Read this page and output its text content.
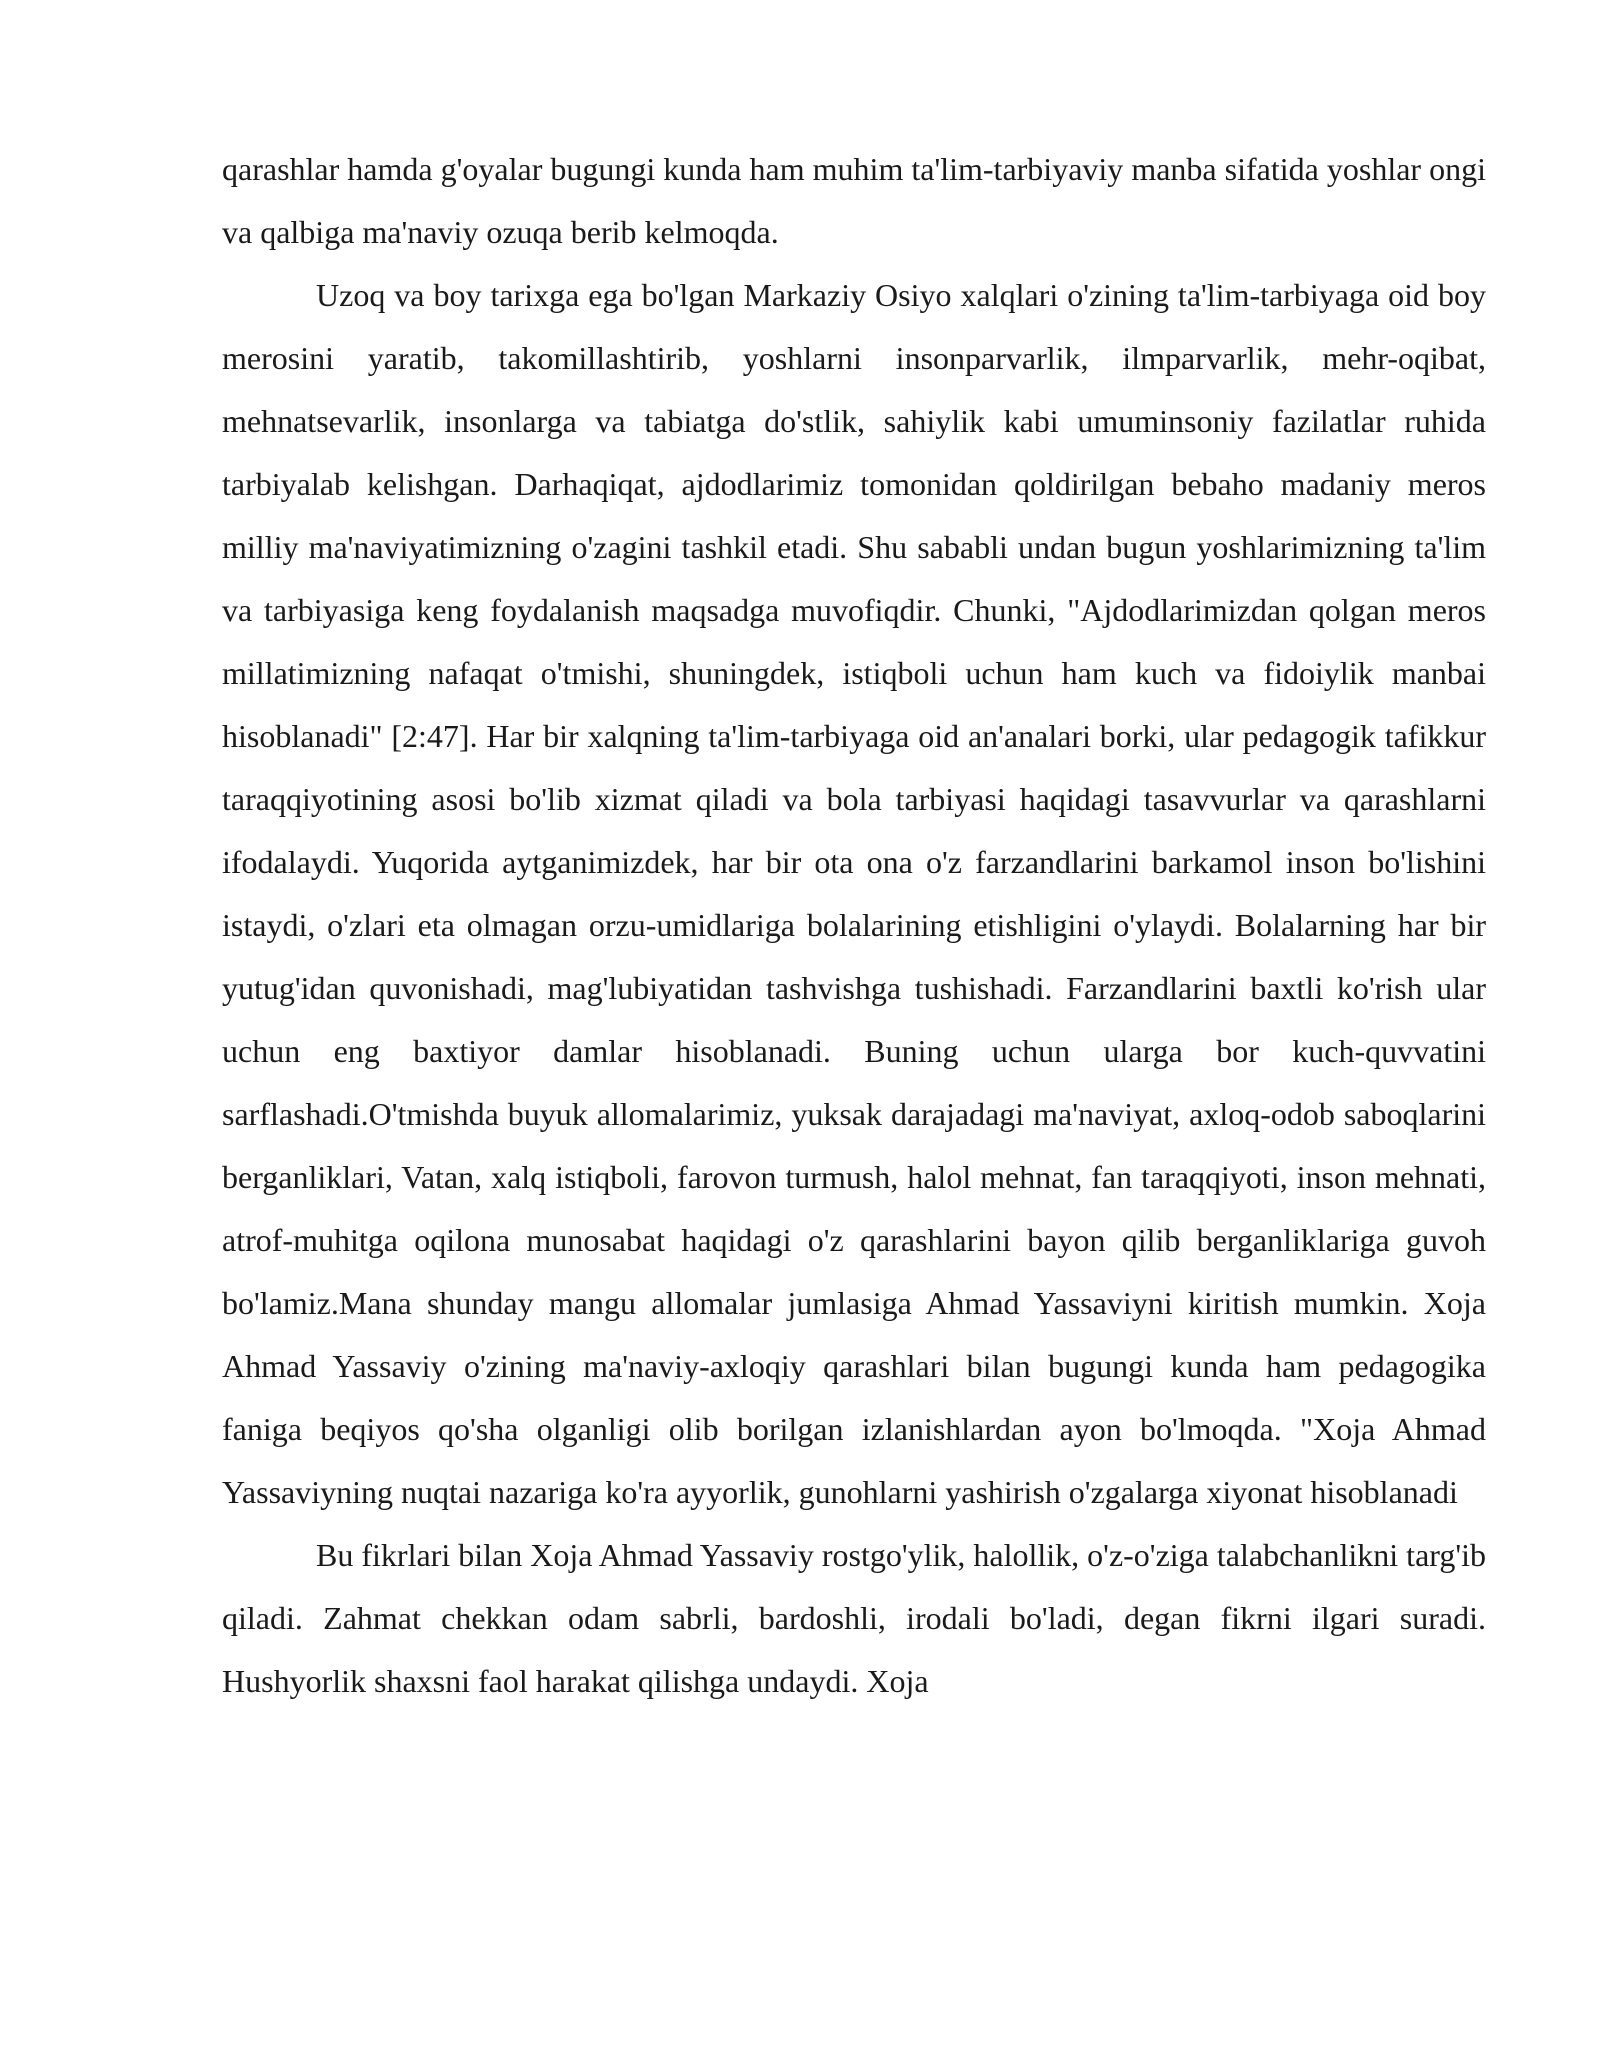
qarashlar hamda g'oyalar bugungi kunda ham muhim ta'lim-tarbiyaviy manba sifatida yoshlar ongi va qalbiga ma'naviy ozuqa berib kelmoqda.

Uzoq va boy tarixga ega bo'lgan Markaziy Osiyo xalqlari o'zining ta'lim-tarbiyaga oid boy merosini yaratib, takomillashtirib, yoshlarni insonparvarlik, ilmparvarlik, mehr-oqibat, mehnatsevarlik, insonlarga va tabiatga do'stlik, sahiylik kabi umuminsoniy fazilatlar ruhida tarbiyalab kelishgan. Darhaqiqat, ajdodlarimiz tomonidan qoldirilgan bebaho madaniy meros milliy ma'naviyatimizning o'zagini tashkil etadi. Shu sababli undan bugun yoshlarimizning ta'lim va tarbiyasiga keng foydalanish maqsadga muvofiqdir. Chunki, "Ajdodlarimizdan qolgan meros millatimizning nafaqat o'tmishi, shuningdek, istiqboli uchun ham kuch va fidoiylik manbai hisoblanadi" [2:47]. Har bir xalqning ta'lim-tarbiyaga oid an'analari borki, ular pedagogik tafikkur taraqqiyotining asosi bo'lib xizmat qiladi va bola tarbiyasi haqidagi tasavvurlar va qarashlarni ifodalaydi. Yuqorida aytganimizdek, har bir ota ona o'z farzandlarini barkamol inson bo'lishini istaydi, o'zlari eta olmagan orzu-umidlariga bolalarining etishligini o'ylaydi. Bolalarning har bir yutug'idan quvonishadi, mag'lubiyatidan tashvishga tushishadi. Farzandlarini baxtli ko'rish ular uchun eng baxtiyor damlar hisoblanadi. Buning uchun ularga bor kuch-quvvatini sarflashadi.O'tmishda buyuk allomalarimiz, yuksak darajadagi ma'naviyat, axloq-odob saboqlarini berganliklari, Vatan, xalq istiqboli, farovon turmush, halol mehnat, fan taraqqiyoti, inson mehnati, atrof-muhitga oqilona munosabat haqidagi o'z qarashlarini bayon qilib berganliklariga guvoh bo'lamiz.Mana shunday mangu allomalar jumlasiga Ahmad Yassaviyni kiritish mumkin. Xoja Ahmad Yassaviy o'zining ma'naviy-axloqiy qarashlari bilan bugungi kunda ham pedagogika faniga beqiyos qo'sha olganligi olib borilgan izlanishlardan ayon bo'lmoqda. "Xoja Ahmad Yassaviyning nuqtai nazariga ko'ra ayyorlik, gunohlarni yashirish o'zgalarga xiyonat hisoblanadi

Bu fikrlari bilan Xoja Ahmad Yassaviy rostgo'ylik, halollik, o'z-o'ziga talabchanlikni targ'ib qiladi. Zahmat chekkan odam sabrli, bardoshli, irodali bo'ladi, degan fikrni ilgari suradi. Hushyorlik shaxsni faol harakat qilishga undaydi. Xoja
